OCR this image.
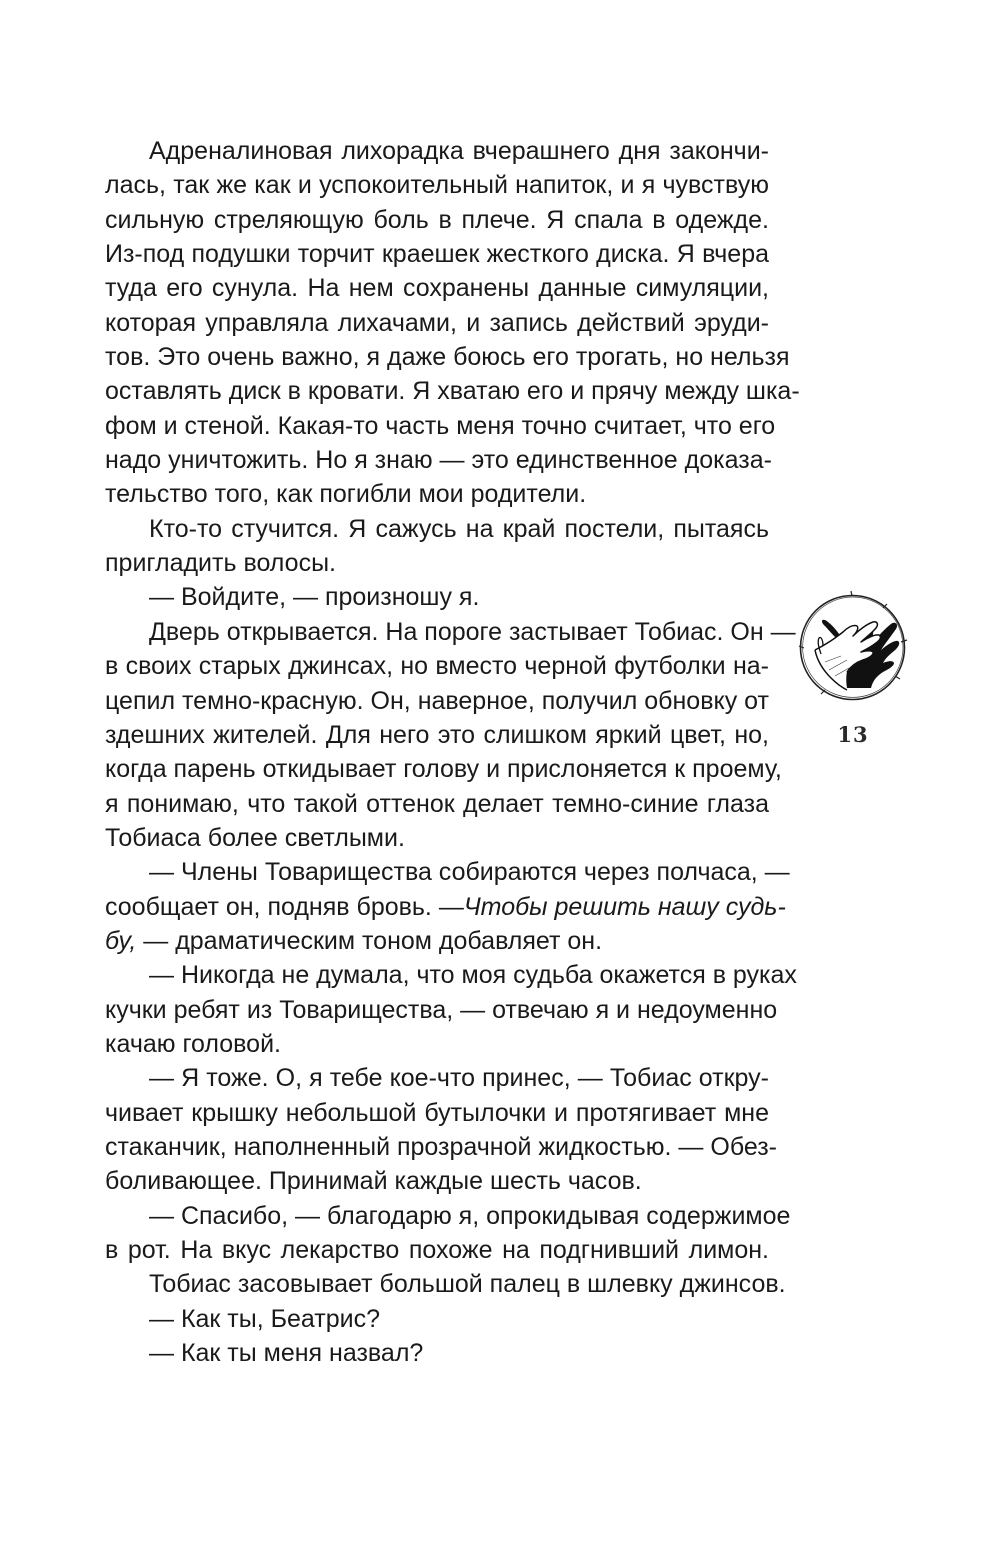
Адреналиновая лихорадка вчерашнего дня закончи-
лась, так же как и успокоительный напиток, и я чувствую
сильную стреляющую боль в плече. Я спала в одежде.
Из-под подушки торчит краешек жесткого диска. Я вчера
туда его сунула. На нем сохранены данные симуляции,
которая управляла лихачами, и запись действий эруди-
тов. Это очень важно, я даже боюсь его трогать, но нельзя
оставлять диск в кровати. Я хватаю его и прячу между шка-
фом и стеной. Какая-то часть меня точно считает, что его
надо уничтожить. Но я знаю — это единственное доказа-
тельство того, как погибли мои родители.
Кто-то стучится. Я сажусь на край постели, пытаясь
пригладить волосы.
— Войдите, — произношу я.
Дверь открывается. На пороге застывает Тобиас. Он —
в своих старых джинсах, но вместо черной футболки на-
цепил темно-красную. Он, наверное, получил обновку от
здешних жителей. Для него это слишком яркий цвет, но,
когда парень откидывает голову и прислоняется к проему,
я понимаю, что такой оттенок делает темно-синие глаза
Тобиаса более светлыми.
— Члены Товарищества собираются через полчаса, —
сообщает он, подняв бровь. —Чтобы решить нашу судь-
бу, — драматическим тоном добавляет он.
— Никогда не думала, что моя судьба окажется в руках
кучки ребят из Товарищества, — отвечаю я и недоуменно
качаю головой.
— Я тоже. О, я тебе кое-что принес, — Тобиас откру-
чивает крышку небольшой бутылочки и протягивает мне
стаканчик, наполненный прозрачной жидкостью. — Обез-
боливающее. Принимай каждые шесть часов.
— Спасибо, — благодарю я, опрокидывая содержимое
в рот. На вкус лекарство похоже на подгнивший лимон.
Тобиас засовывает большой палец в шлевку джинсов.
— Как ты, Беатрис?
— Как ты меня назвал?
13
